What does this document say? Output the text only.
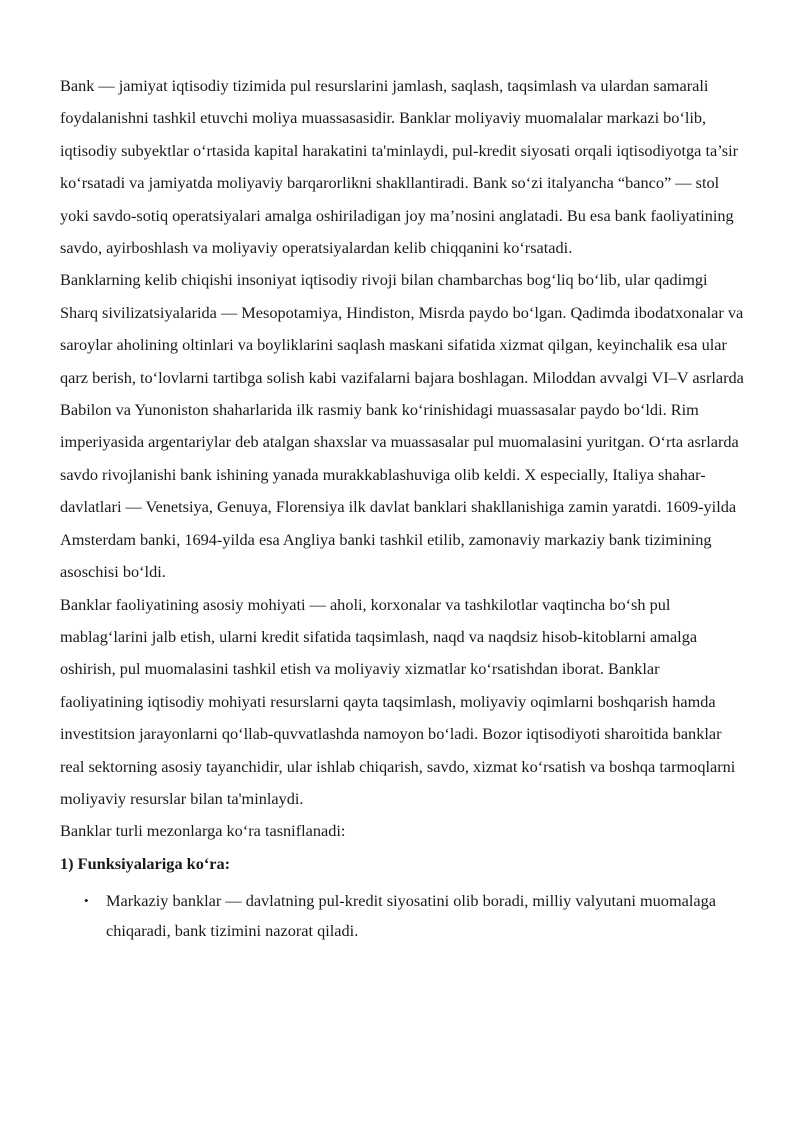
Bank — jamiyat iqtisodiy tizimida pul resurslarini jamlash, saqlash, taqsimlash va ulardan samarali foydalanishni tashkil etuvchi moliya muassasasidir. Banklar moliyaviy muomalalar markazi bo‘lib, iqtisodiy subyektlar o‘rtasida kapital harakatini ta'minlaydi, pul-kredit siyosati orqali iqtisodiyotga ta’sir ko‘rsatadi va jamiyatda moliyaviy barqarorlikni shakllantiradi. Bank so‘zi italyancha “banco” — stol yoki savdo-sotiq operatsiyalari amalga oshiriladigan joy ma’nosini anglatadi. Bu esa bank faoliyatining savdo, ayirboshlash va moliyaviy operatsiyalardan kelib chiqqanini ko‘rsatadi.

Banklarning kelib chiqishi insoniyat iqtisodiy rivoji bilan chambarchas bog‘liq bo‘lib, ular qadimgi Sharq sivilizatsiyalarida — Mesopotamiya, Hindiston, Misrda paydo bo‘lgan. Qadimda ibodatxonalar va saroylar aholining oltinlari va boyliklarini saqlash maskani sifatida xizmat qilgan, keyinchalik esa ular qarz berish, to‘lovlarni tartibga solish kabi vazifalarni bajara boshlagan. Miloddan avvalgi VI–V asrlarda Babilon va Yunoniston shaharlarida ilk rasmiy bank ko‘rinishidagi muassasalar paydo bo‘ldi. Rim imperiyasida argentariylar deb atalgan shaxslar va muassasalar pul muomalasini yuritgan. O‘rta asrlarda savdo rivojlanishi bank ishining yanada murakkablashuviga olib keldi. X especially, Italiya shahar-davlatlari — Venetsiya, Genuya, Florensiya ilk davlat banklari shakllanishiga zamin yaratdi. 1609-yilda Amsterdam banki, 1694-yilda esa Angliya banki tashkil etilib, zamonaviy markaziy bank tizimining asoschisi bo‘ldi.

Banklar faoliyatining asosiy mohiyati — aholi, korxonalar va tashkilotlar vaqtincha bo‘sh pul mablag‘larini jalb etish, ularni kredit sifatida taqsimlash, naqd va naqdsiz hisob-kitoblarni amalga oshirish, pul muomalasini tashkil etish va moliyaviy xizmatlar ko‘rsatishdan iborat. Banklar faoliyatining iqtisodiy mohiyati resurslarni qayta taqsimlash, moliyaviy oqimlarni boshqarish hamda investitsion jarayonlarni qo‘llab-quvvatlashda namoyon bo‘ladi. Bozor iqtisodiyoti sharoitida banklar real sektorning asosiy tayanchidir, ular ishlab chiqarish, savdo, xizmat ko‘rsatish va boshqa tarmoqlarni moliyaviy resurslar bilan ta'minlaydi.

Banklar turli mezonlarga ko‘ra tasniflanadi:

1) Funksiyalariga ko‘ra:

• Markaziy banklar — davlatning pul-kredit siyosatini olib boradi, milliy valyutani muomalaga chiqaradi, bank tizimini nazorat qiladi.
